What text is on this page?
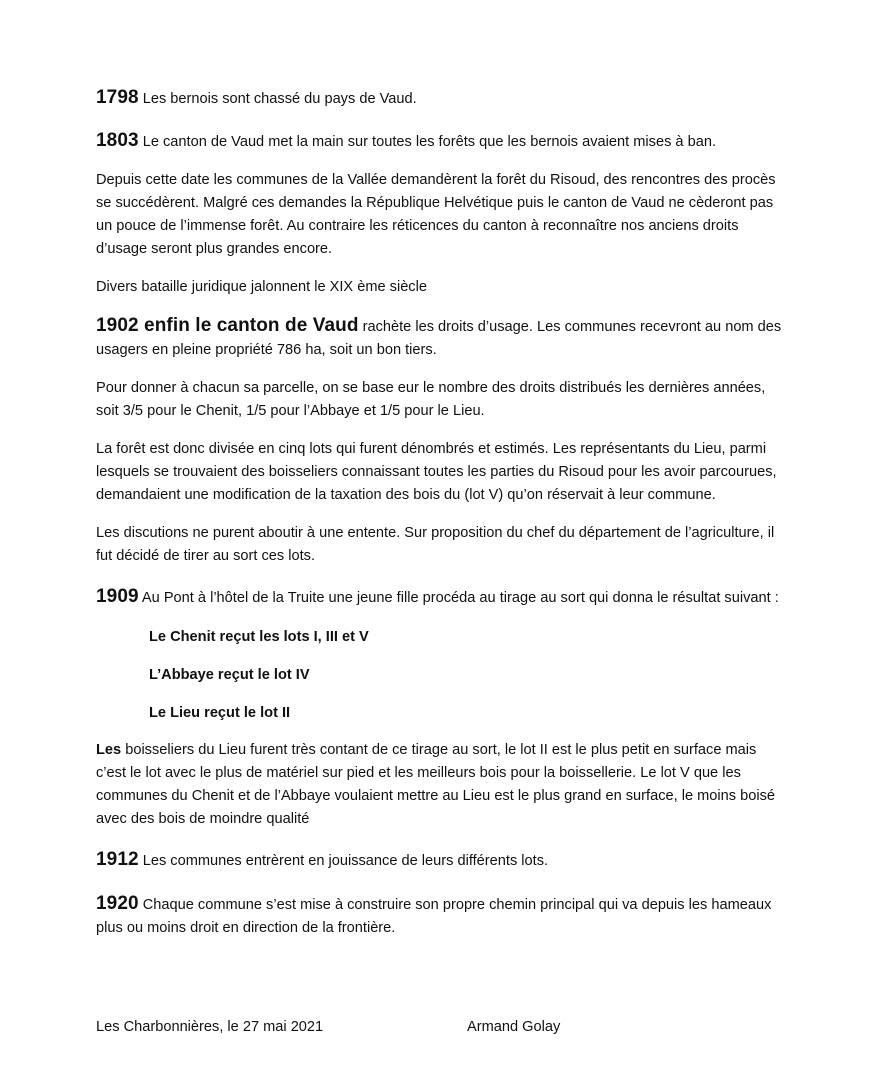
1798 Les bernois sont chassé du pays de Vaud.

1803 Le canton de Vaud met la main sur toutes les forêts que les bernois avaient mises à ban.

Depuis cette date les communes de la Vallée demandèrent la forêt du Risoud, des rencontres des procès se succédèrent. Malgré ces demandes la République Helvétique puis le canton de Vaud ne cèderont pas un pouce de l’immense forêt. Au contraire les réticences du canton à reconnaître nos anciens droits d’usage seront plus grandes encore.

Divers bataille juridique jalonnent le XIX ème siècle

1902 enfin le canton de Vaud rachète les droits d’usage. Les communes recevront au nom des usagers en pleine propriété 786 ha, soit un bon tiers.

Pour donner à chacun sa parcelle, on se base eur le nombre des droits distribués les dernières années, soit 3/5 pour le Chenit, 1/5 pour l’Abbaye et 1/5 pour le Lieu.

La forêt est donc divisée en cinq lots qui furent dénombrés et estimés. Les représentants du Lieu, parmi lesquels se trouvaient des boisseliers connaissant toutes les parties du Risoud pour les avoir parcourues, demandaient une modification de la taxation des bois du (lot V) qu’on réservait à leur commune.

Les discutions ne purent aboutir à une entente. Sur proposition du chef du département de l’agriculture, il fut décidé de tirer au sort ces lots.

1909 Au Pont à l’hôtel de la Truite une jeune fille procéda au tirage au sort qui donna le résultat suivant :

Le Chenit reçut les lots I, III et V

L’Abbaye reçut le lot IV

Le Lieu reçut le lot II

Les boisseliers du Lieu furent très contant de ce tirage au sort, le lot II est le plus petit en surface mais c’est le lot avec le plus de matériel sur pied et les meilleurs bois pour la boissellerie. Le lot V que les communes du Chenit et de l’Abbaye voulaient mettre au Lieu est le plus grand en surface, le moins boisé avec des bois de moindre qualité

1912 Les communes entrèrent en jouissance de leurs différents lots.

1920 Chaque commune s’est mise à construire son propre chemin principal qui va depuis les hameaux plus ou moins droit en direction de la frontière.

Les Charbonnières, le 27 mai 2021	Armand Golay
